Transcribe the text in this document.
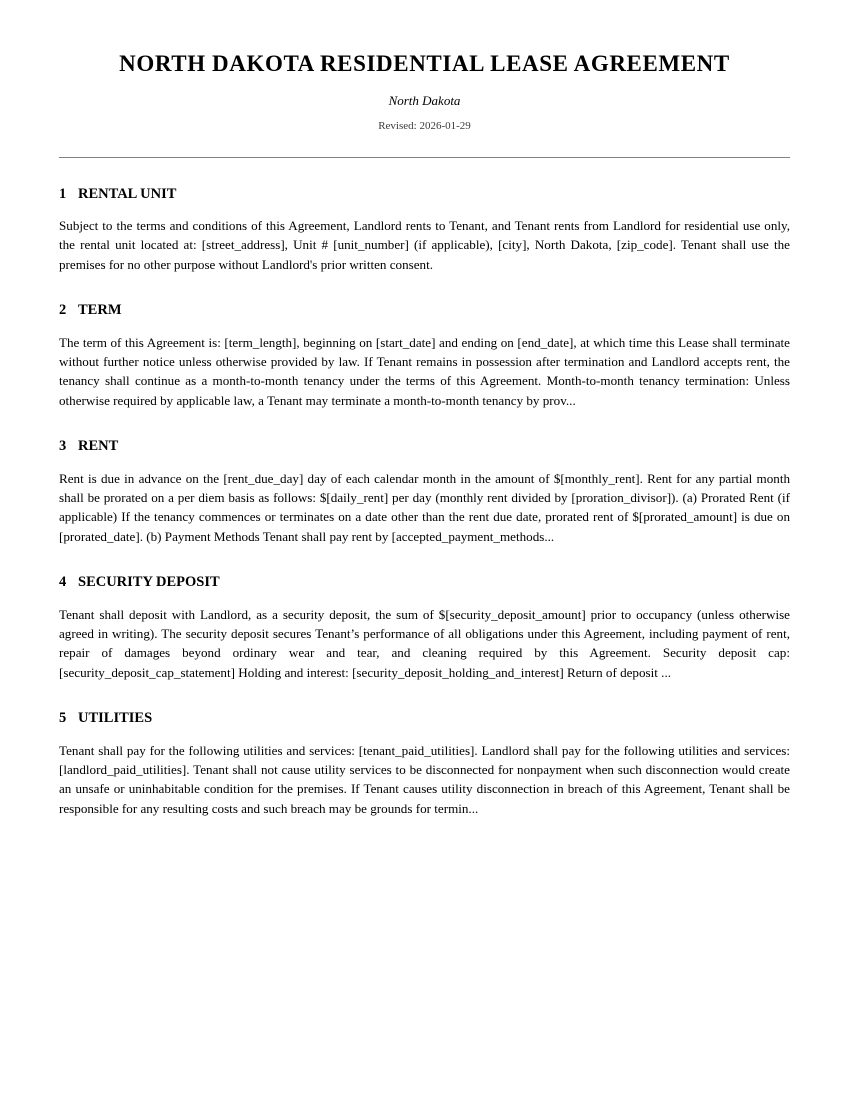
NORTH DAKOTA RESIDENTIAL LEASE AGREEMENT

North Dakota

Revised: 2026-01-29

1 RENTAL UNIT

Subject to the terms and conditions of this Agreement, Landlord rents to Tenant, and Tenant rents from Landlord for residential use only, the rental unit located at: [street_address], Unit # [unit_number] (if applicable), [city], North Dakota, [zip_code]. Tenant shall use the premises for no other purpose without Landlord's prior written consent.

2 TERM

The term of this Agreement is: [term_length], beginning on [start_date] and ending on [end_date], at which time this Lease shall terminate without further notice unless otherwise provided by law. If Tenant remains in possession after termination and Landlord accepts rent, the tenancy shall continue as a month-to-month tenancy under the terms of this Agreement. Month-to-month tenancy termination: Unless otherwise required by applicable law, a Tenant may terminate a month-to-month tenancy by prov...

3 RENT

Rent is due in advance on the [rent_due_day] day of each calendar month in the amount of $[monthly_rent]. Rent for any partial month shall be prorated on a per diem basis as follows: $[daily_rent] per day (monthly rent divided by [proration_divisor]). (a) Prorated Rent (if applicable) If the tenancy commences or terminates on a date other than the rent due date, prorated rent of $[prorated_amount] is due on [prorated_date]. (b) Payment Methods Tenant shall pay rent by [accepted_payment_methods...

4 SECURITY DEPOSIT

Tenant shall deposit with Landlord, as a security deposit, the sum of $[security_deposit_amount] prior to occupancy (unless otherwise agreed in writing). The security deposit secures Tenant’s performance of all obligations under this Agreement, including payment of rent, repair of damages beyond ordinary wear and tear, and cleaning required by this Agreement. Security deposit cap: [security_deposit_cap_statement] Holding and interest: [security_deposit_holding_and_interest] Return of deposit ...

5 UTILITIES

Tenant shall pay for the following utilities and services: [tenant_paid_utilities]. Landlord shall pay for the following utilities and services: [landlord_paid_utilities]. Tenant shall not cause utility services to be disconnected for nonpayment when such disconnection would create an unsafe or uninhabitable condition for the premises. If Tenant causes utility disconnection in breach of this Agreement, Tenant shall be responsible for any resulting costs and such breach may be grounds for termin...
